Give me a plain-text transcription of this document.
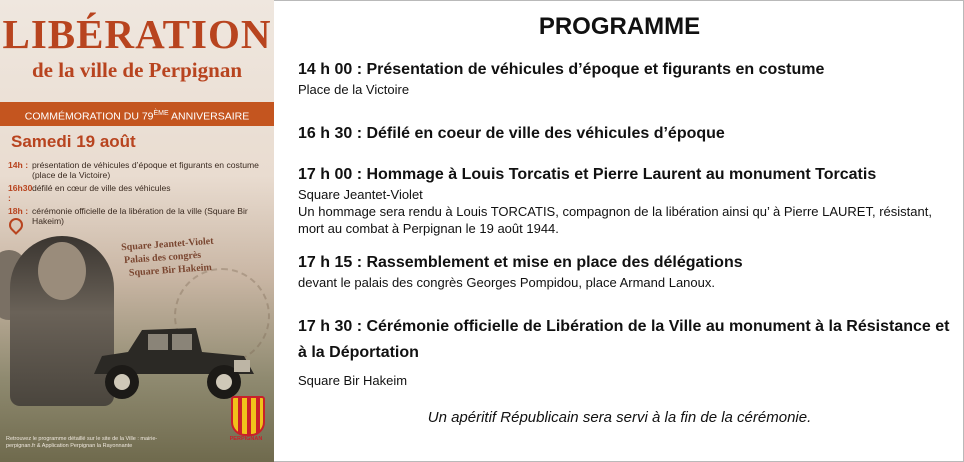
LIBÉRATION
de la ville de Perpignan
COMMÉMORATION DU 79ÈME ANNIVERSAIRE
Samedi 19 août
14h : présentation de véhicules d’époque et figurants en costume (place de la Victoire)
16h30 :
défilé en cœur de ville des véhicules
18h : cérémonie officielle de la libération de la ville (Square Bir Hakeim)
Square Jeantet-Violet
Palais des congrès
Square Bir Hakeim
Retrouvez le programme détaillé sur le site de la Ville : mairie-perpignan.fr & Application Perpignan la Rayonnante
PERPIGNAN
PROGRAMME
14 h 00 : Présentation de véhicules d’époque et figurants en costume
Place de la Victoire
16 h 30 : Défilé en coeur de ville des véhicules d’époque
17 h 00 : Hommage à Louis Torcatis et Pierre Laurent au monument Torcatis
Square Jeantet-Violet
Un hommage sera rendu à Louis TORCATIS, compagnon de la libération ainsi qu’ à Pierre LAURET, résistant, mort au combat à Perpignan le 19 août 1944.
17 h 15 : Rassemblement et mise en place des délégations
devant le palais des congrès Georges Pompidou, place Armand Lanoux.
17 h 30 : Cérémonie officielle de Libération de la Ville au monument à la Résistance et à la Déportation
Square Bir Hakeim
Un apéritif Républicain sera servi à la fin de la cérémonie.
